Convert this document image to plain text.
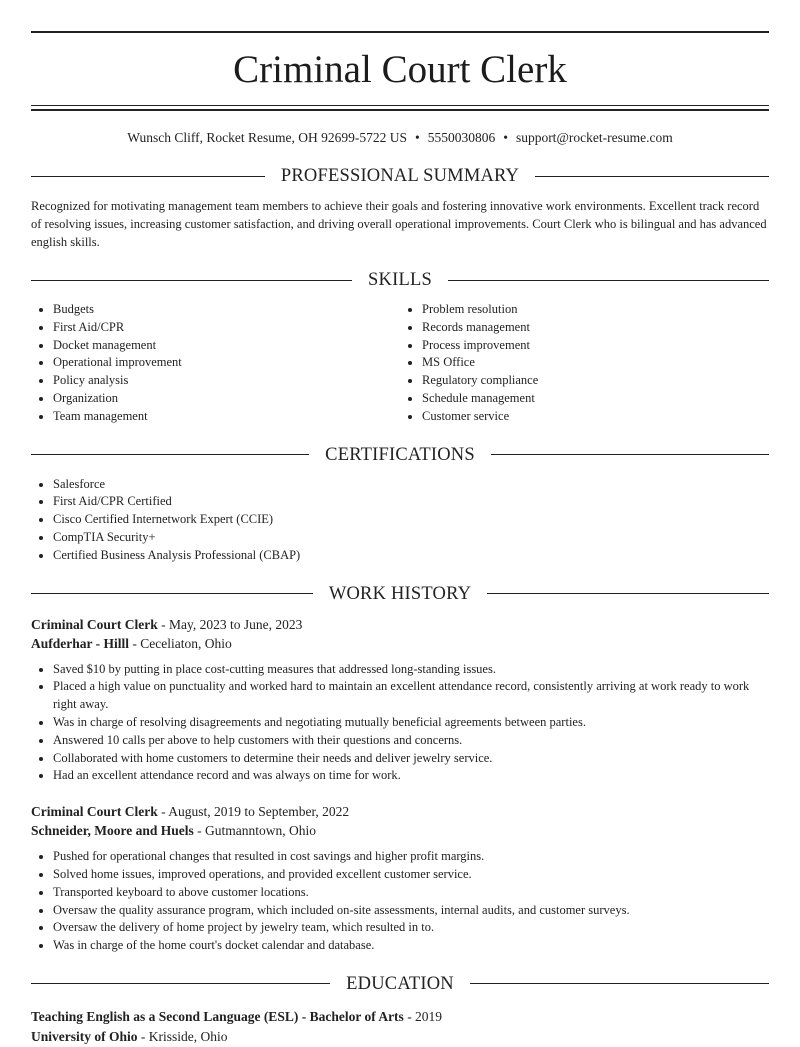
Criminal Court Clerk
Wunsch Cliff, Rocket Resume, OH 92699-5722 US • 5550030806 • support@rocket-resume.com
PROFESSIONAL SUMMARY
Recognized for motivating management team members to achieve their goals and fostering innovative work environments. Excellent track record of resolving issues, increasing customer satisfaction, and driving overall operational improvements. Court Clerk who is bilingual and has advanced english skills.
SKILLS
• Budgets
• First Aid/CPR
• Docket management
• Operational improvement
• Policy analysis
• Organization
• Team management
• Problem resolution
• Records management
• Process improvement
• MS Office
• Regulatory compliance
• Schedule management
• Customer service
CERTIFICATIONS
• Salesforce
• First Aid/CPR Certified
• Cisco Certified Internetwork Expert (CCIE)
• CompTIA Security+
• Certified Business Analysis Professional (CBAP)
WORK HISTORY
Criminal Court Clerk - May, 2023 to June, 2023
Aufderhar - Hilll - Ceceliaton, Ohio
• Saved $10 by putting in place cost-cutting measures that addressed long-standing issues.
• Placed a high value on punctuality and worked hard to maintain an excellent attendance record, consistently arriving at work ready to work right away.
• Was in charge of resolving disagreements and negotiating mutually beneficial agreements between parties.
• Answered 10 calls per above to help customers with their questions and concerns.
• Collaborated with home customers to determine their needs and deliver jewelry service.
• Had an excellent attendance record and was always on time for work.
Criminal Court Clerk - August, 2019 to September, 2022
Schneider, Moore and Huels - Gutmanntown, Ohio
• Pushed for operational changes that resulted in cost savings and higher profit margins.
• Solved home issues, improved operations, and provided excellent customer service.
• Transported keyboard to above customer locations.
• Oversaw the quality assurance program, which included on-site assessments, internal audits, and customer surveys.
• Oversaw the delivery of home project by jewelry team, which resulted in to.
• Was in charge of the home court's docket calendar and database.
EDUCATION
Teaching English as a Second Language (ESL) - Bachelor of Arts - 2019
University of Ohio - Krisside, Ohio
